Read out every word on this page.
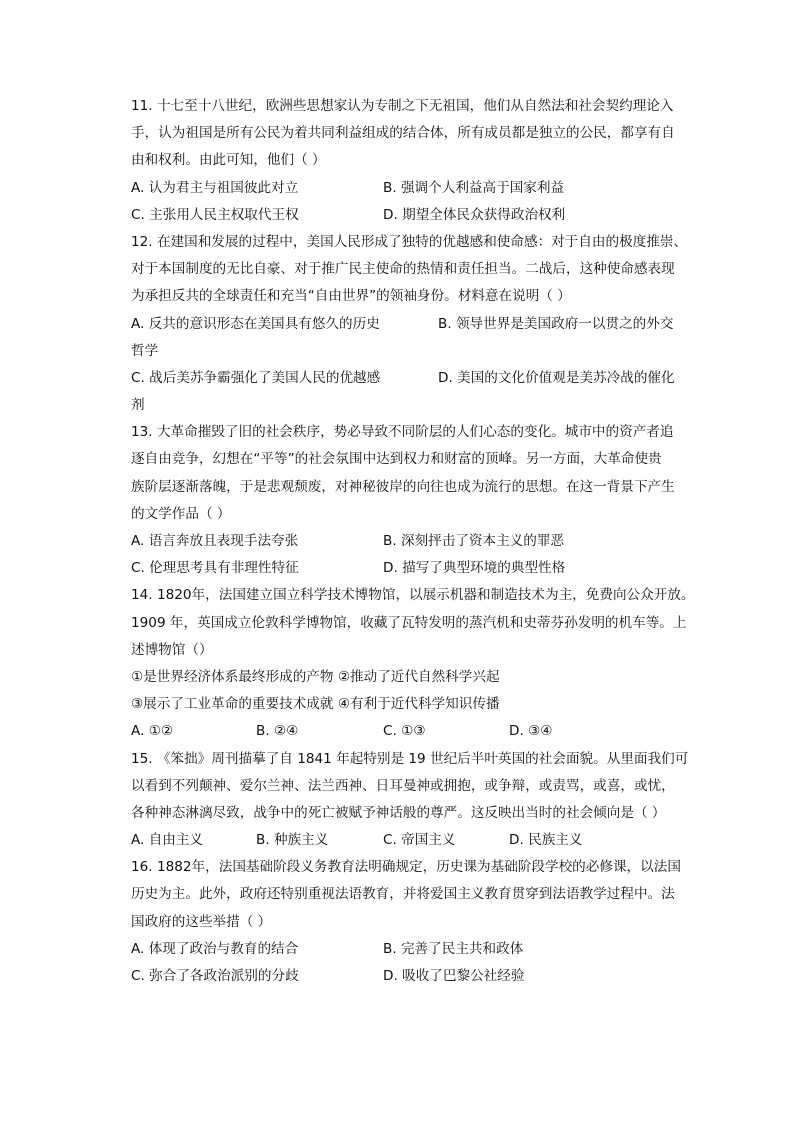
11. 十七至十八世纪，欧洲些思想家认为专制之下无祖国，他们从自然法和社会契约理论入
手，认为祖国是所有公民为着共同利益组成的结合体，所有成员都是独立的公民，都享有自
由和权利。由此可知，他们（ ）
A. 认为君主与祖国彼此对立	B. 强调个人利益高于国家利益
C. 主张用人民主权取代王权	D. 期望全体民众获得政治权利
12. 在建国和发展的过程中，美国人民形成了独特的优越感和使命感：对于自由的极度推崇、
对于本国制度的无比自豪、对于推广民主使命的热情和责任担当。二战后，这种使命感表现
为承担反共的全球责任和充当“自由世界”的领袖身份。材料意在说明（ ）
A. 反共的意识形态在美国具有悠久的历史	B. 领导世界是美国政府一以贯之的外交
哲学
C. 战后美苏争霸强化了美国人民的优越感	D. 美国的文化价值观是美苏冷战的催化
剂
13. 大革命摧毁了旧的社会秩序，势必导致不同阶层的人们心态的变化。城市中的资产者追
逐自由竞争，幻想在“平等”的社会氛围中达到权力和财富的顶峰。另一方面，大革命使贵
族阶层逐渐落魄，于是悲观颓废，对神秘彼岸的向往也成为流行的思想。在这一背景下产生
的文学作品（ ）
A. 语言奔放且表现手法夸张	B. 深刻抨击了资本主义的罪恶
C. 伦理思考具有非理性特征	D. 描写了典型环境的典型性格
14. 1820年，法国建立国立科学技术博物馆，以展示机器和制造技术为主，免费向公众开放。
1909 年，英国成立伦敦科学博物馆，收藏了瓦特发明的蒸汽机和史蒂芬孙发明的机车等。上
述博物馆（）
①是世界经济体系最终形成的产物 ②推动了近代自然科学兴起
③展示了工业革命的重要技术成就 ④有利于近代科学知识传播
A. ①②	B. ②④	C. ①③	D. ③④
15. 《笨拙》周刊描摹了自 1841 年起特别是 19 世纪后半叶英国的社会面貌。从里面我们可
以看到不列颠神、爱尔兰神、法兰西神、日耳曼神或拥抱，或争辩，或责骂，或喜，或忧，
各种神态淋漓尽致，战争中的死亡被赋予神话般的尊严。这反映出当时的社会倾向是（ ）
A. 自由主义	B. 种族主义	C. 帝国主义	D. 民族主义
16. 1882年，法国基础阶段义务教育法明确规定，历史课为基础阶段学校的必修课，以法国
历史为主。此外，政府还特别重视法语教育，并将爱国主义教育贯穿到法语教学过程中。法
国政府的这些举措（ ）
A. 体现了政治与教育的结合	B. 完善了民主共和政体
C. 弥合了各政治派别的分歧	D. 吸收了巴黎公社经验
